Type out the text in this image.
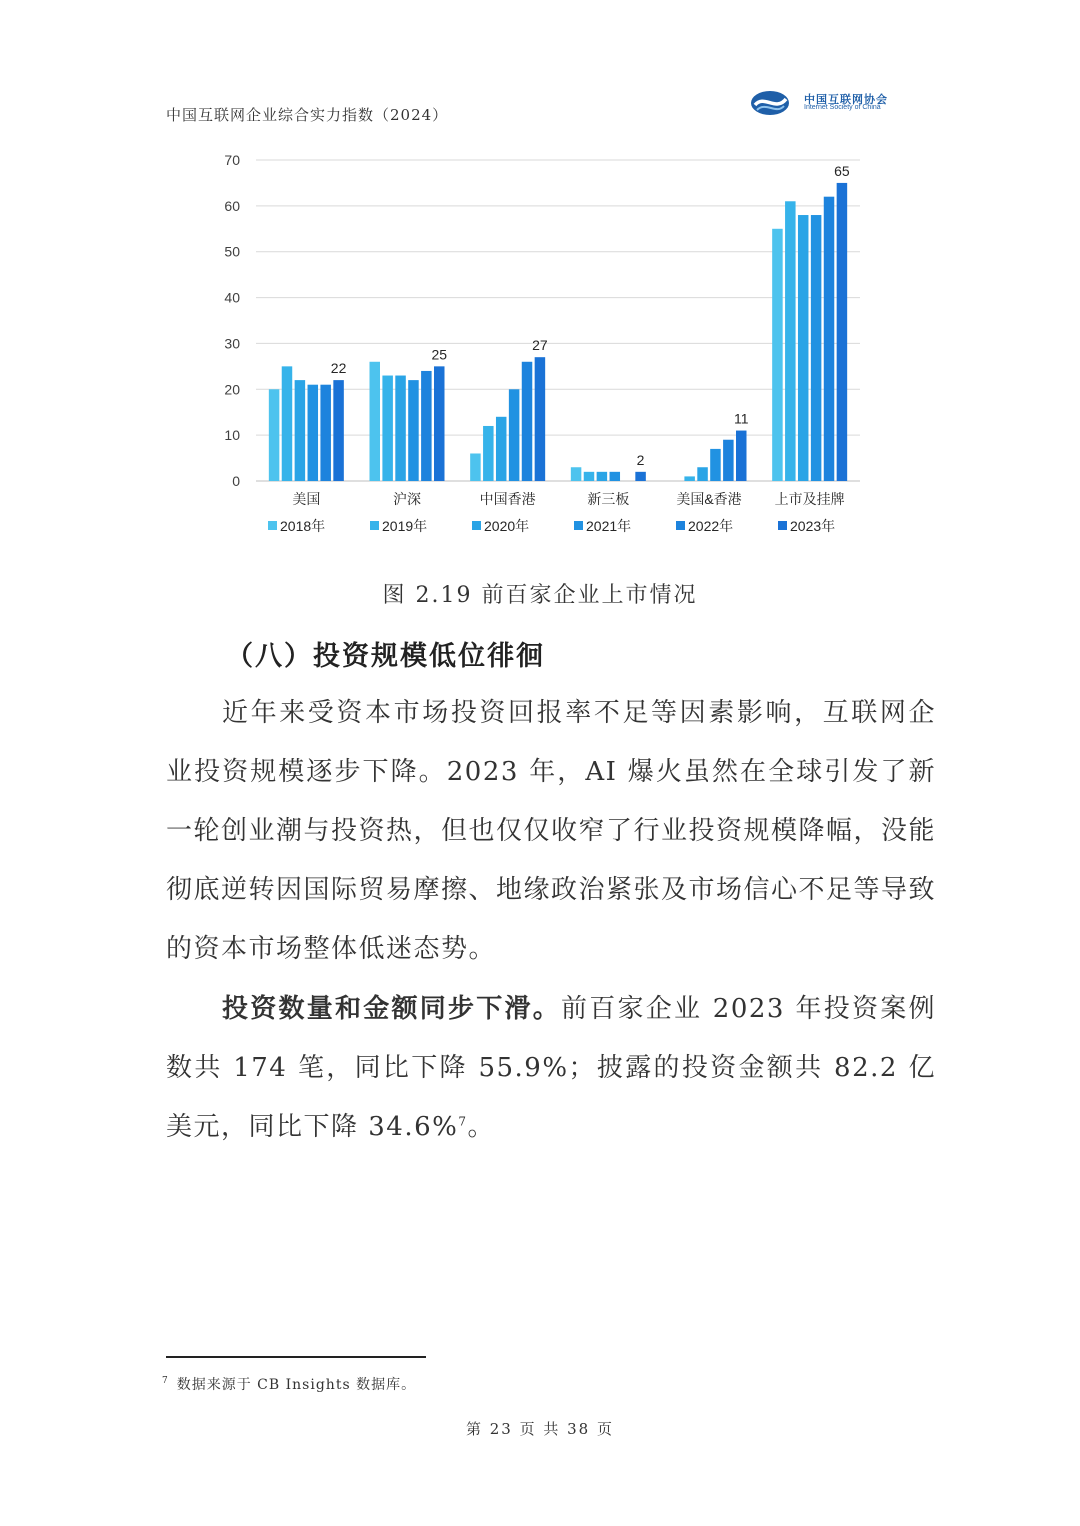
中国互联网企业综合实力指数（2024）
中国互联网协会
Internet Society of China
0
10
20
30
40
50
60
70
22
美国
25
沪深
27
中国香港
2
新三板
11
美国&香港
65
上市及挂牌
2018年	2019年	2020年	2021年	2022年	2023年
图 2.19 前百家企业上市情况
（八）投资规模低位徘徊

近年来受资本市场投资回报率不足等因素影响，互联网企业投资规模逐步下降。2023 年，AI 爆火虽然在全球引发了新一轮创业潮与投资热，但也仅仅收窄了行业投资规模降幅，没能彻底逆转因国际贸易摩擦、地缘政治紧张及市场信心不足等导致的资本市场整体低迷态势。

投资数量和金额同步下滑。前百家企业 2023 年投资案例数共 174 笔，同比下降 55.9%；披露的投资金额共 82.2 亿美元，同比下降 34.6%$^7$。

$^7$ 数据来源于 CB Insights 数据库。
第 23 页 共 38 页
